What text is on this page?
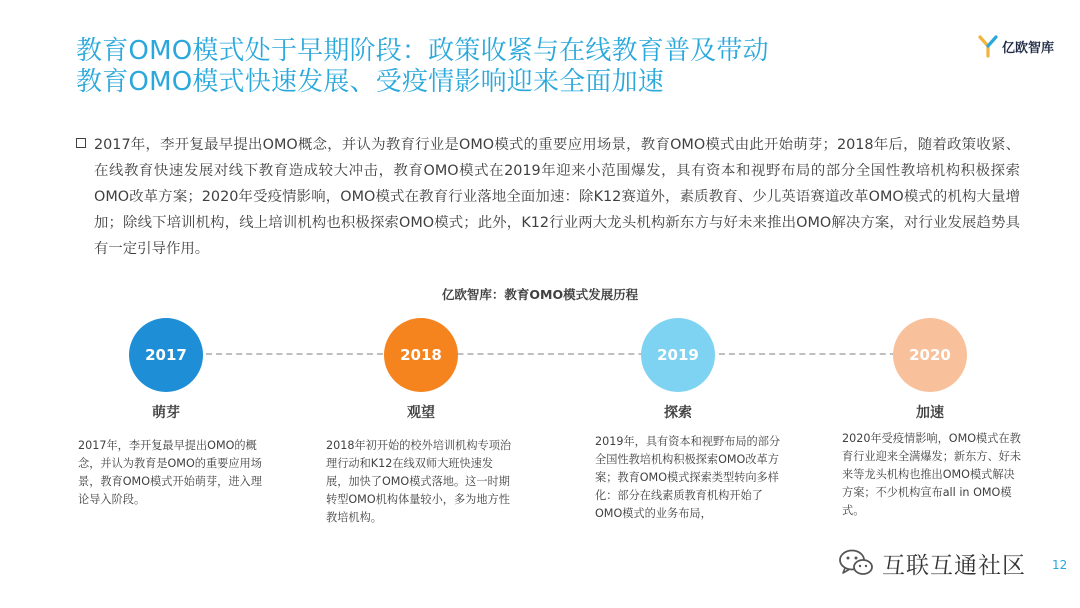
教育OMO模式处于早期阶段：政策收紧与在线教育普及带动
教育OMO模式快速发展、受疫情影响迎来全面加速
亿欧智库

2017年，李开复最早提出OMO概念，并认为教育行业是OMO模式的重要应用场景，教育OMO模式由此开始萌芽；2018年后，随着政策收紧、在线教育快速发展对线下教育造成较大冲击，教育OMO模式在2019年迎来小范围爆发，具有资本和视野布局的部分全国性教培机构积极探索OMO改革方案；2020年受疫情影响，OMO模式在教育行业落地全面加速：除K12赛道外，素质教育、少儿英语赛道改革OMO模式的机构大量增加；除线下培训机构，线上培训机构也积极探索OMO模式；此外，K12行业两大龙头机构新东方与好未来推出OMO解决方案，对行业发展趋势具有一定引导作用。

亿欧智库：教育OMO模式发展历程
2017
萌芽
2017年，李开复最早提出OMO的概念，并认为教育是OMO的重要应用场景，教育OMO模式开始萌芽，进入理论导入阶段。
2018
观望
2018年初开始的校外培训机构专项治理行动和K12在线双师大班快速发展，加快了OMO模式落地。这一时期转型OMO机构体量较小，多为地方性教培机构。
2019
探索
2019年，具有资本和视野布局的部分全国性教培机构积极探索OMO改革方案；教育OMO模式探索类型转向多样化：部分在线素质教育机构开始了OMO模式的业务布局，
2020
加速
2020年受疫情影响，OMO模式在教育行业迎来全满爆发；新东方、好未来等龙头机构也推出OMO模式解决方案；不少机构宣布all in OMO模式。
互联互通社区 12
